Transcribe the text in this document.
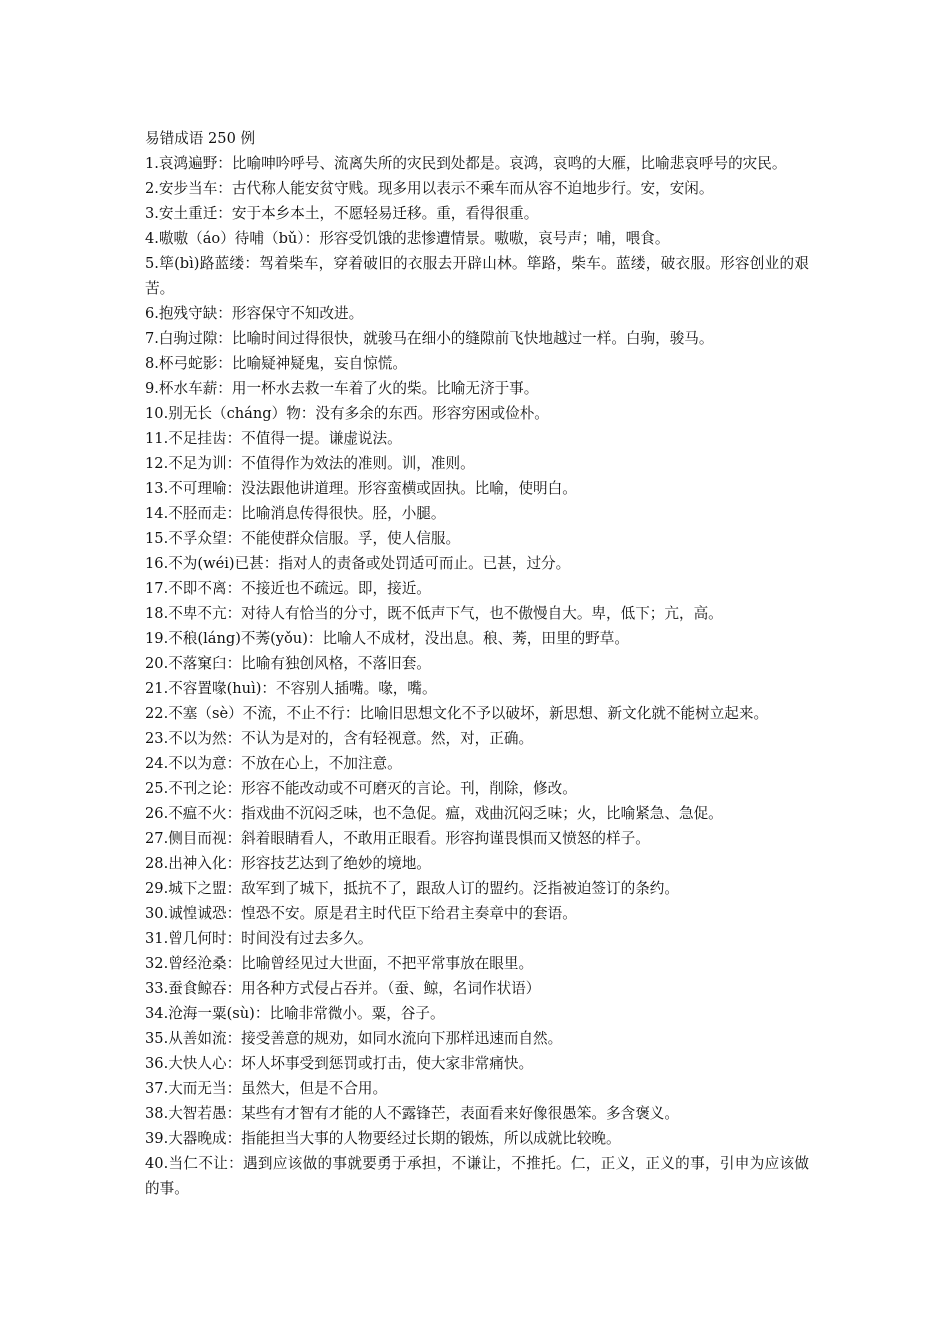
易错成语 250 例

1.哀鸿遍野：比喻呻吟呼号、流离失所的灾民到处都是。哀鸿，哀鸣的大雁，比喻悲哀呼号的灾民。

2.安步当车：古代称人能安贫守贱。现多用以表示不乘车而从容不迫地步行。安，安闲。

3.安土重迁：安于本乡本土，不愿轻易迁移。重，看得很重。

4.嗷嗷（áo）待哺（bǔ）：形容受饥饿的悲惨遭情景。嗷嗷，哀号声；哺，喂食。

5.筚(bì)路蓝缕：驾着柴车，穿着破旧的衣服去开辟山林。筚路，柴车。蓝缕，破衣服。形容创业的艰苦。

6.抱残守缺：形容保守不知改进。

7.白驹过隙：比喻时间过得很快，就骏马在细小的缝隙前飞快地越过一样。白驹，骏马。

8.杯弓蛇影：比喻疑神疑鬼，妄自惊慌。

9.杯水车薪：用一杯水去救一车着了火的柴。比喻无济于事。

10.别无长（cháng）物：没有多余的东西。形容穷困或俭朴。

11.不足挂齿：不值得一提。谦虚说法。

12.不足为训：不值得作为效法的准则。训，准则。

13.不可理喻：没法跟他讲道理。形容蛮横或固执。比喻，使明白。

14.不胫而走：比喻消息传得很快。胫，小腿。

15.不孚众望：不能使群众信服。孚，使人信服。

16.不为(wéi)已甚：指对人的责备或处罚适可而止。已甚，过分。

17.不即不离：不接近也不疏远。即，接近。

18.不卑不亢：对待人有恰当的分寸，既不低声下气，也不傲慢自大。卑，低下；亢，高。

19.不稂(láng)不莠(yǒu)：比喻人不成材，没出息。稂、莠，田里的野草。

20.不落窠臼：比喻有独创风格，不落旧套。

21.不容置喙(huì)：不容别人插嘴。喙，嘴。

22.不塞（sè）不流，不止不行：比喻旧思想文化不予以破坏，新思想、新文化就不能树立起来。

23.不以为然：不认为是对的，含有轻视意。然，对，正确。

24.不以为意：不放在心上，不加注意。

25.不刊之论：形容不能改动或不可磨灭的言论。刊，削除，修改。

26.不瘟不火：指戏曲不沉闷乏味，也不急促。瘟，戏曲沉闷乏味；火，比喻紧急、急促。

27.侧目而视：斜着眼睛看人，不敢用正眼看。形容拘谨畏惧而又愤怒的样子。

28.出神入化：形容技艺达到了绝妙的境地。

29.城下之盟：敌军到了城下，抵抗不了，跟敌人订的盟约。泛指被迫签订的条约。

30.诚惶诚恐：惶恐不安。原是君主时代臣下给君主奏章中的套语。

31.曾几何时：时间没有过去多久。

32.曾经沧桑：比喻曾经见过大世面，不把平常事放在眼里。

33.蚕食鲸吞：用各种方式侵占吞并。（蚕、鲸，名词作状语）

34.沧海一粟(sù)：比喻非常微小。粟，谷子。

35.从善如流：接受善意的规劝，如同水流向下那样迅速而自然。

36.大快人心：坏人坏事受到惩罚或打击，使大家非常痛快。

37.大而无当：虽然大，但是不合用。

38.大智若愚：某些有才智有才能的人不露锋芒，表面看来好像很愚笨。多含褒义。

39.大器晚成：指能担当大事的人物要经过长期的锻炼，所以成就比较晚。

40.当仁不让：遇到应该做的事就要勇于承担，不谦让，不推托。仁，正义，正义的事，引申为应该做的事。
